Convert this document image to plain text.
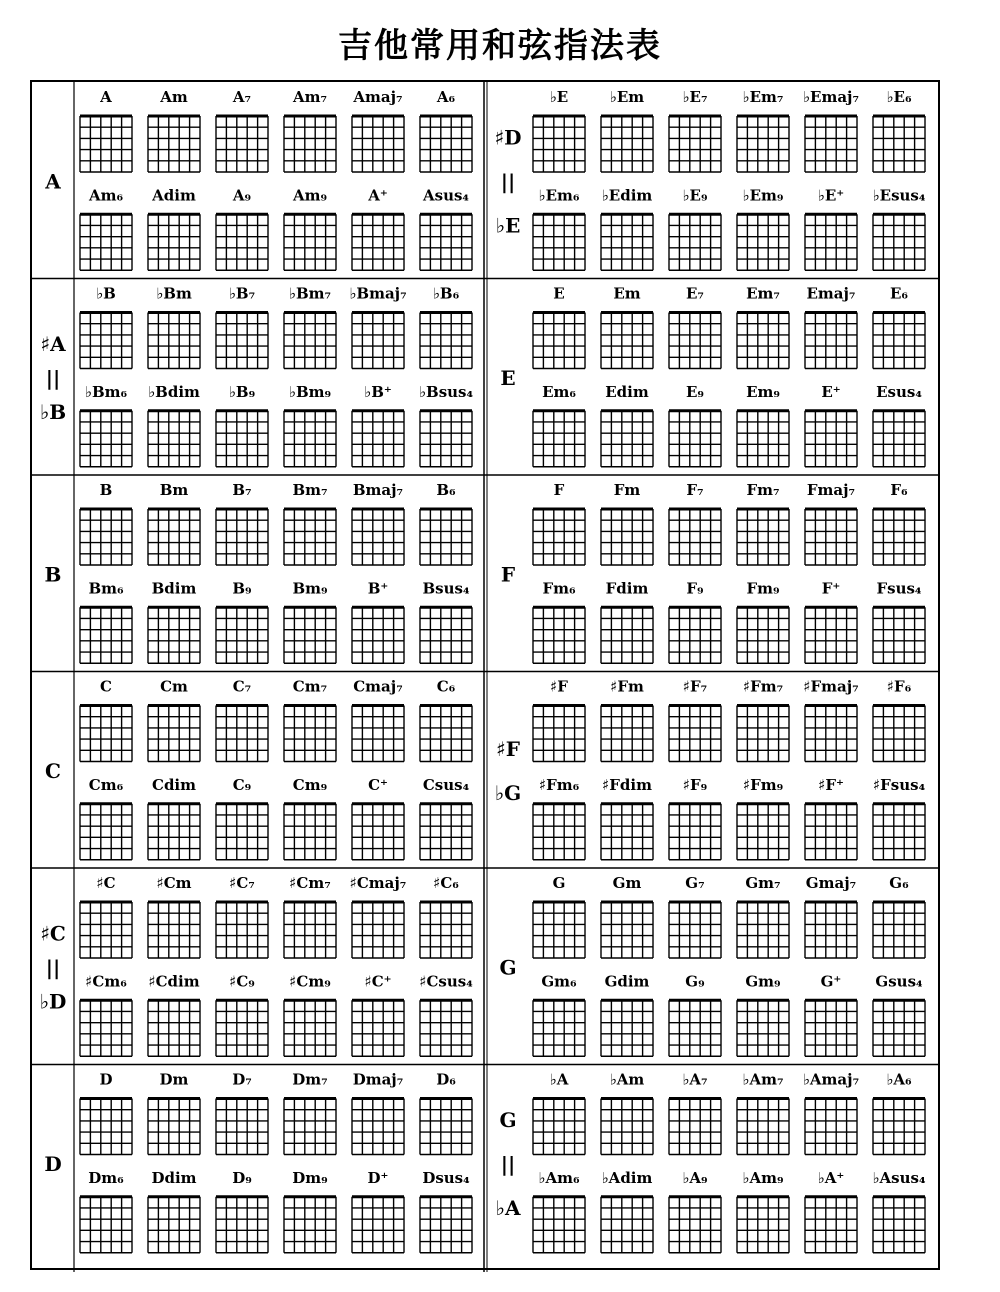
吉他常用和弦指法表
A
♯D
||
♭E
A	Am	A₇	Am₇ Amaj₇ A₆
Am₆ Adim A₉	Am₉	A⁺ Asus₄
♭E	♭Em	♭E₇ ♭Em₇ ♭Emaj₇ ♭E₆
♭Em₆ ♭Edim ♭E₉ ♭Em₉ ♭E⁺ ♭Esus₄
♯A
||
♭B
E
♭B	♭Bm ♭B₇ ♭Bm₇ ♭Bmaj₇ ♭B₆
♭Bm₆ ♭Bdim ♭B₉ ♭Bm₉ ♭B⁺ ♭Bsus₄
E	Em	E₇	Em₇ Emaj₇ E₆
Em₆ Edim E₉	Em₉	E⁺ Esus₄
B	F
B	Bm	B₇	Bm₇ Bmaj₇ B₆
Bm₆ Bdim B₉	Bm₉	B⁺ Bsus₄
F	Fm	F₇	Fm₇ Fmaj₇ F₆
Fm₆ Fdim	F₉	Fm₉	F⁺ Fsus₄
C
♯F
♭G
C	Cm	C₇	Cm₇ Cmaj₇ C₆
Cm₆ Cdim C₉	Cm₉	C⁺ Csus₄
♯F	♯Fm	♯F₇ ♯Fm₇ ♯Fmaj₇ ♯F₆
♯Fm₆ ♯Fdim ♯F₉ ♯Fm₉ ♯F⁺ ♯Fsus₄
♯C
||
♭D
G
♯C	♯Cm	♯C₇ ♯Cm₇ ♯Cmaj₇ ♯C₆
♯Cm₆ ♯Cdim ♯C₉ ♯Cm₉ ♯C⁺ ♯Csus₄
G	Gm	G₇	Gm₇ Gmaj₇ G₆
Gm₆ Gdim G₉	Gm₉	G⁺ Gsus₄
D
G
||
♭A
D	Dm	D₇	Dm₇ Dmaj₇ D₆
Dm₆ Ddim D₉	Dm₉	D⁺ Dsus₄
♭A	♭Am	♭A₇ ♭Am₇ ♭Amaj₇ ♭A₆
♭Am₆ ♭Adim ♭A₉ ♭Am₉ ♭A⁺ ♭Asus₄
